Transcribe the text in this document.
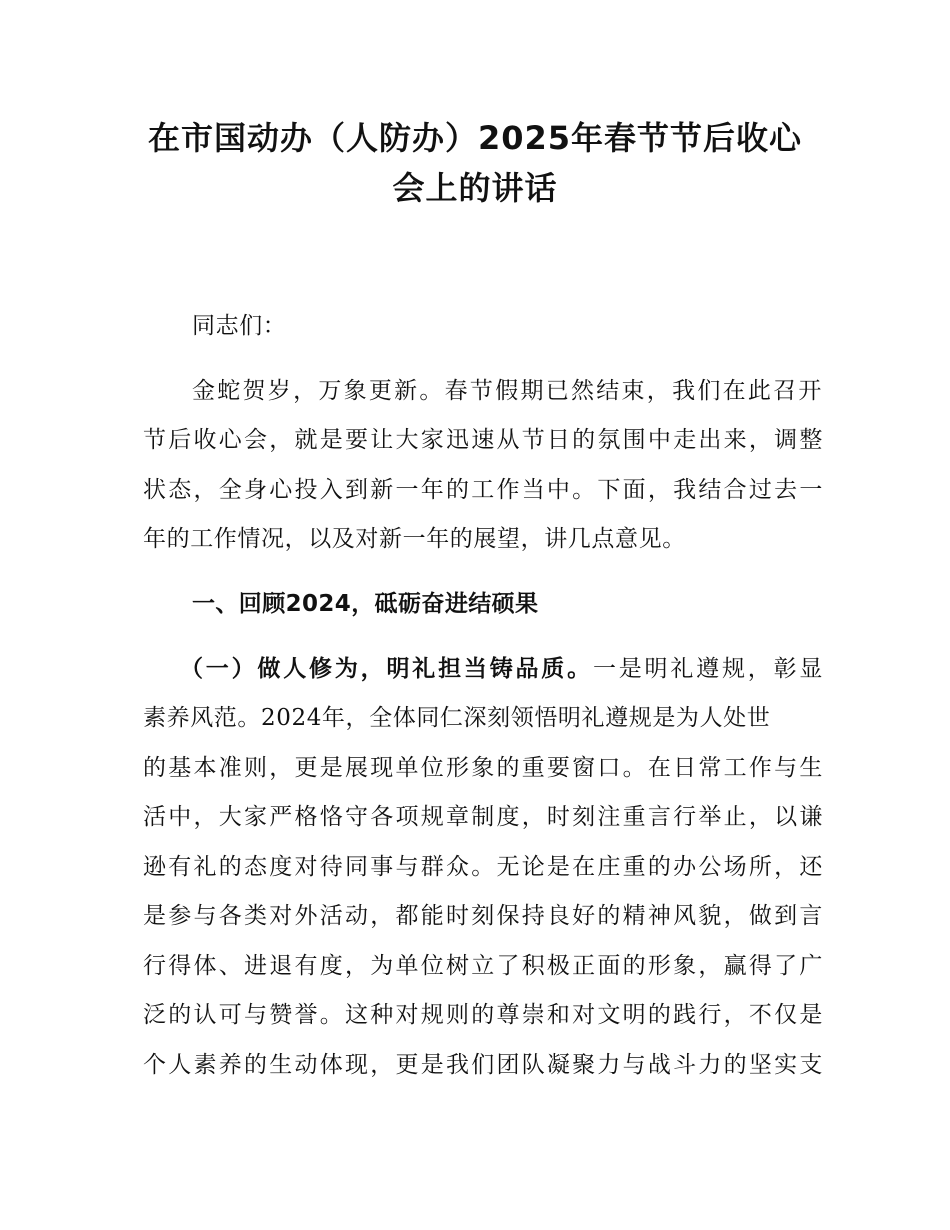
在市国动办（人防办）2025年春节节后收心
会上的讲话
同志们：
金蛇贺岁，万象更新。春节假期已然结束，我们在此召开
节后收心会，就是要让大家迅速从节日的氛围中走出来，调整
状态，全身心投入到新一年的工作当中。下面，我结合过去一
年的工作情况，以及对新一年的展望，讲几点意见。
一、回顾2024，砥砺奋进结硕果
（一）做人修为，明礼担当铸品质。一是明礼遵规，彰显
素养风范。2024年，全体同仁深刻领悟明礼遵规是为人处世
的基本准则，更是展现单位形象的重要窗口。在日常工作与生
活中，大家严格恪守各项规章制度，时刻注重言行举止，以谦
逊有礼的态度对待同事与群众。无论是在庄重的办公场所，还
是参与各类对外活动，都能时刻保持良好的精神风貌，做到言
行得体、进退有度，为单位树立了积极正面的形象，赢得了广
泛的认可与赞誉。这种对规则的尊崇和对文明的践行，不仅是
个人素养的生动体现，更是我们团队凝聚力与战斗力的坚实支
